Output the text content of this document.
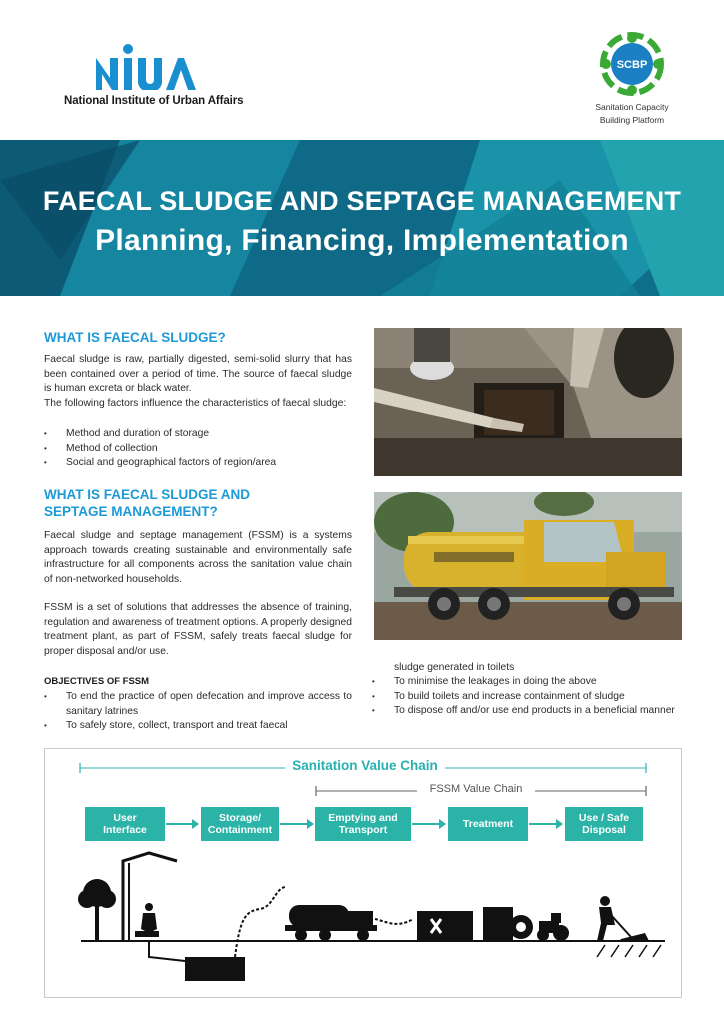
National Institute of Urban Affairs
SCBP
Sanitation Capacity
Building Platform
FAECAL SLUDGE AND SEPTAGE MANAGEMENT
Planning, Financing, Implementation
WHAT IS FAECAL SLUDGE?
Faecal sludge is raw, partially digested, semi-solid slurry that has been contained over a period of time. The source of faecal sludge is human excreta or black water.
The following factors influence the characteristics of faecal sludge:
• Method and duration of storage
• Method of collection
• Social and geographical factors of region/area
WHAT IS FAECAL SLUDGE AND
SEPTAGE MANAGEMENT?
Faecal sludge and septage management (FSSM) is a systems approach towards creating sustainable and environmentally safe infrastructure for all components across the sanitation value chain of non-networked households.
FSSM is a set of solutions that addresses the absence of training, regulation and awareness of treatment options. A properly designed treatment plant, as part of FSSM, safely treats faecal sludge for proper disposal and/or use.
OBJECTIVES OF FSSM
• To end the practice of open defecation and improve access to sanitary latrines
• To safely store, collect, transport and treat faecal
sludge generated in toilets
• To minimise the leakages in doing the above
• To build toilets and increase containment of sludge
• To dispose off and/or use end products in a beneficial manner
Sanitation Value Chain
FSSM Value Chain
User
Interface
Storage/
Containment
Emptying and
Transport	Treatment	Use / Safe
Disposal
